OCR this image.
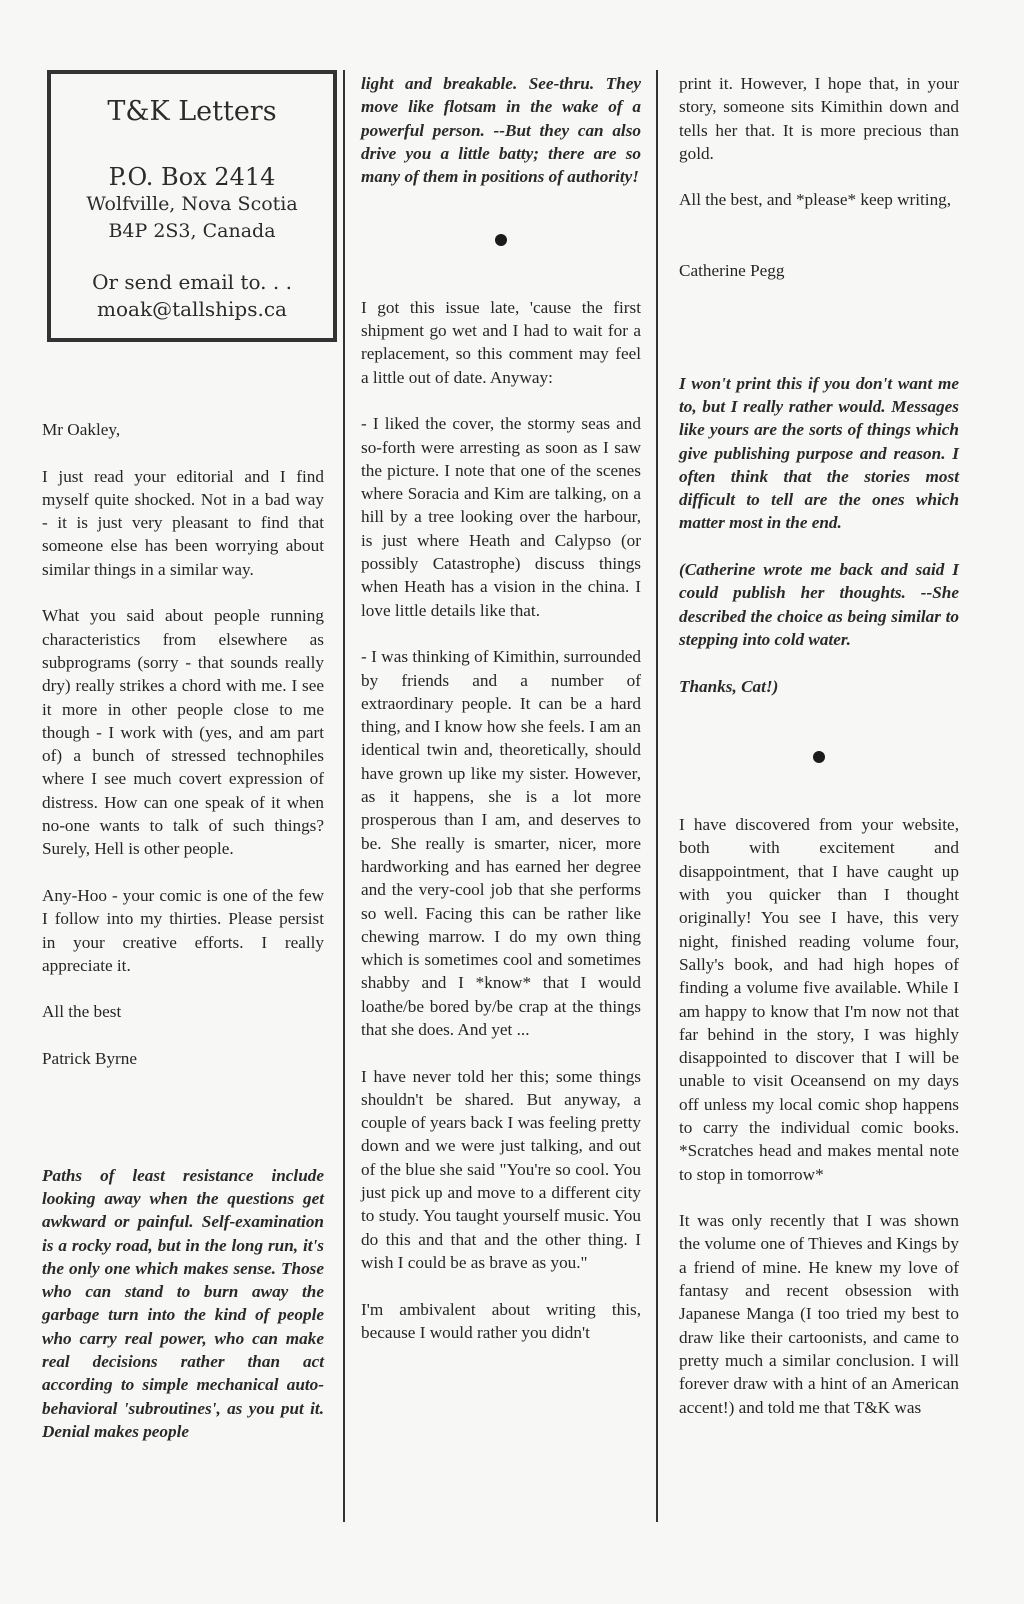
T&K Letters
P.O. Box 2414
Wolfville, Nova Scotia
B4P 2S3, Canada
Or send email to. . .
moak@tallships.ca

Mr Oakley,

I just read your editorial and I find myself quite shocked. Not in a bad way - it is just very pleasant to find that someone else has been worrying about similar things in a similar way.

What you said about people running characteristics from elsewhere as subprograms (sorry - that sounds really dry) really strikes a chord with me. I see it more in other people close to me though - I work with (yes, and am part of) a bunch of stressed technophiles where I see much covert expression of distress. How can one speak of it when no-one wants to talk of such things? Surely, Hell is other people.

Any-Hoo - your comic is one of the few I follow into my thirties. Please persist in your creative efforts. I really appreciate it.

All the best

Patrick Byrne

Paths of least resistance include looking away when the questions get awkward or painful. Self-examination is a rocky road, but in the long run, it's the only one which makes sense. Those who can stand to burn away the garbage turn into the kind of people who carry real power, who can make real decisions rather than act according to simple mechanical auto-behavioral 'subroutines', as you put it. Denial makes people

light and breakable. See-thru. They move like flotsam in the wake of a powerful person. --But they can also drive you a little batty; there are so many of them in positions of authority!

I got this issue late, 'cause the first shipment go wet and I had to wait for a replacement, so this comment may feel a little out of date. Anyway:

- I liked the cover, the stormy seas and so-forth were arresting as soon as I saw the picture. I note that one of the scenes where Soracia and Kim are talking, on a hill by a tree looking over the harbour, is just where Heath and Calypso (or possibly Catastrophe) discuss things when Heath has a vision in the china. I love little details like that.

- I was thinking of Kimithin, surrounded by friends and a number of extraordinary people. It can be a hard thing, and I know how she feels. I am an identical twin and, theoretically, should have grown up like my sister. However, as it happens, she is a lot more prosperous than I am, and deserves to be. She really is smarter, nicer, more hardworking and has earned her degree and the very-cool job that she performs so well. Facing this can be rather like chewing marrow. I do my own thing which is sometimes cool and sometimes shabby and I *know* that I would loathe/be bored by/be crap at the things that she does. And yet ...

I have never told her this; some things shouldn't be shared. But anyway, a couple of years back I was feeling pretty down and we were just talking, and out of the blue she said "You're so cool. You just pick up and move to a different city to study. You taught yourself music. You do this and that and the other thing. I wish I could be as brave as you."

I'm ambivalent about writing this, because I would rather you didn't

print it. However, I hope that, in your story, someone sits Kimithin down and tells her that. It is more precious than gold.

All the best, and *please* keep writing,

Catherine Pegg

I won't print this if you don't want me to, but I really rather would. Messages like yours are the sorts of things which give publishing purpose and reason. I often think that the stories most difficult to tell are the ones which matter most in the end.

(Catherine wrote me back and said I could publish her thoughts. --She described the choice as being similar to stepping into cold water.

Thanks, Cat!)

I have discovered from your website, both with excitement and disappointment, that I have caught up with you quicker than I thought originally! You see I have, this very night, finished reading volume four, Sally's book, and had high hopes of finding a volume five available. While I am happy to know that I'm now not that far behind in the story, I was highly disappointed to discover that I will be unable to visit Oceansend on my days off unless my local comic shop happens to carry the individual comic books. *Scratches head and makes mental note to stop in tomorrow*

It was only recently that I was shown the volume one of Thieves and Kings by a friend of mine. He knew my love of fantasy and recent obsession with Japanese Manga (I too tried my best to draw like their cartoonists, and came to pretty much a similar conclusion. I will forever draw with a hint of an American accent!) and told me that T&K was
